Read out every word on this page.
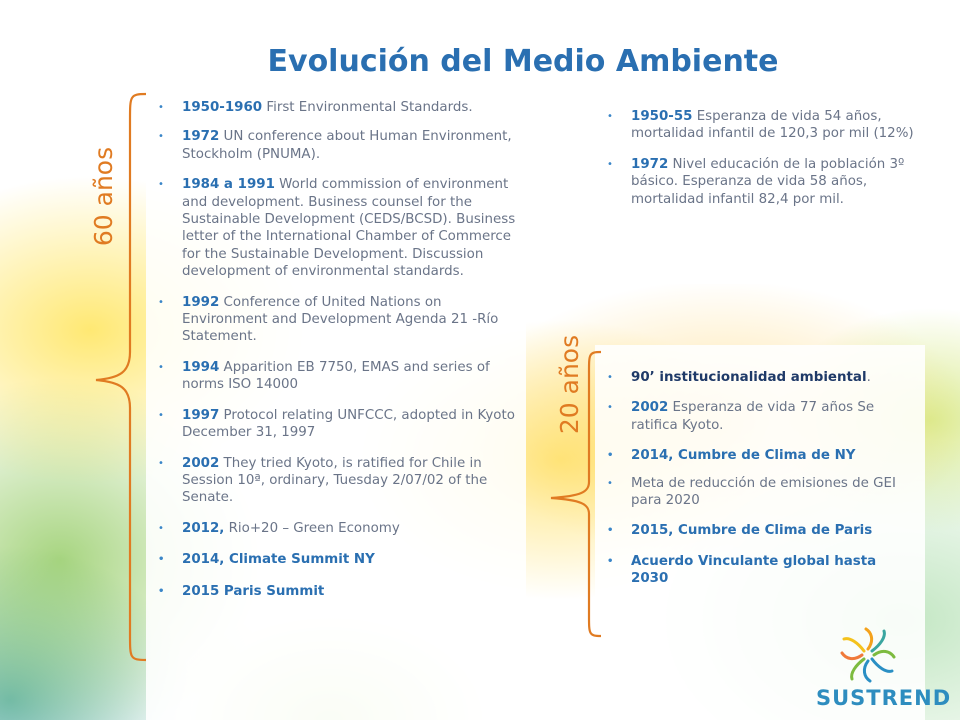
Evolución del Medio Ambiente
• 1950-1960 First Environmental Standards.
• 1972 UN conference about Human Environment, Stockholm (PNUMA).
• 1984 a 1991 World commission of environment and development. Business counsel for the Sustainable Development (CEDS/BCSD). Business letter of the International Chamber of Commerce for the Sustainable Development. Discussion development of environmental standards.
• 1992 Conference of United Nations on Environment and Development Agenda 21 -Río Statement.
• 1994 Apparition EB 7750, EMAS and series of norms ISO 14000
• 1997 Protocol relating UNFCCC, adopted in Kyoto December 31, 1997
• 2002 They tried Kyoto, is ratified for Chile in Session 10ª, ordinary, Tuesday 2/07/02 of the Senate.
• 2012, Rio+20 – Green Economy
• 2014, Climate Summit NY
• 2015 Paris Summit
• 1950-55 Esperanza de vida 54 años, mortalidad infantil de 120,3 por mil (12%)
• 1972 Nivel educación de la población 3º básico. Esperanza de vida 58 años, mortalidad infantil 82,4 por mil.
• 90’ institucionalidad ambiental.
• 2002 Esperanza de vida 77 años Se ratifica Kyoto.
• 2014, Cumbre de Clima de NY
• Meta de reducción de emisiones de GEI para 2020
• 2015, Cumbre de Clima de Paris
• Acuerdo Vinculante global hasta 2030
60 años
20 años
SUSTREND
